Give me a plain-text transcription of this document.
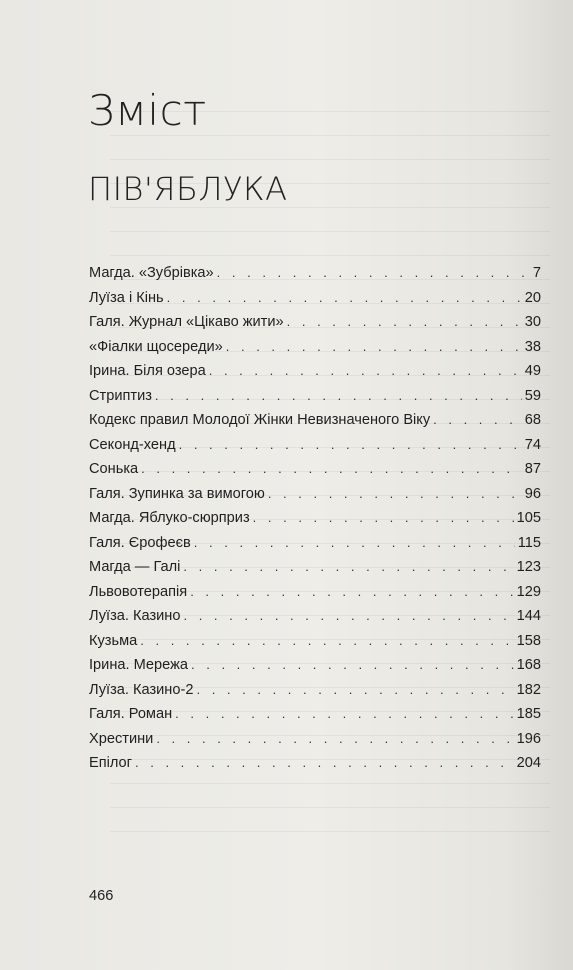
Зміст
ПІВ'ЯБЛУКА
Магда. «Зубрівка» . . .	7
Луїза і Кінь . . .	20
Галя. Журнал «Цікаво жити» . . .	30
«Фіалки щосереди» . . .	38
Ірина. Біля озера . . .	49
Стриптиз . . .	59
Кодекс правил Молодої Жінки Невизначеного Віку . . .	68
Секонд-хенд . . .	74
Сонька . . .	87
Галя. Зупинка за вимогою . . .	96
Магда. Яблуко-сюрприз . . .	105
Галя. Єрофеєв . . .	115
Магда — Галі . . .	123
Львовотерапія . . .	129
Луїза. Казино . . .	144
Кузьма . . .	158
Ірина. Мережа . . .	168
Луїза. Казино-2 . . .	182
Галя. Роман . . .	185
Хрестини . . .	196
Епілог . . .	204
466
